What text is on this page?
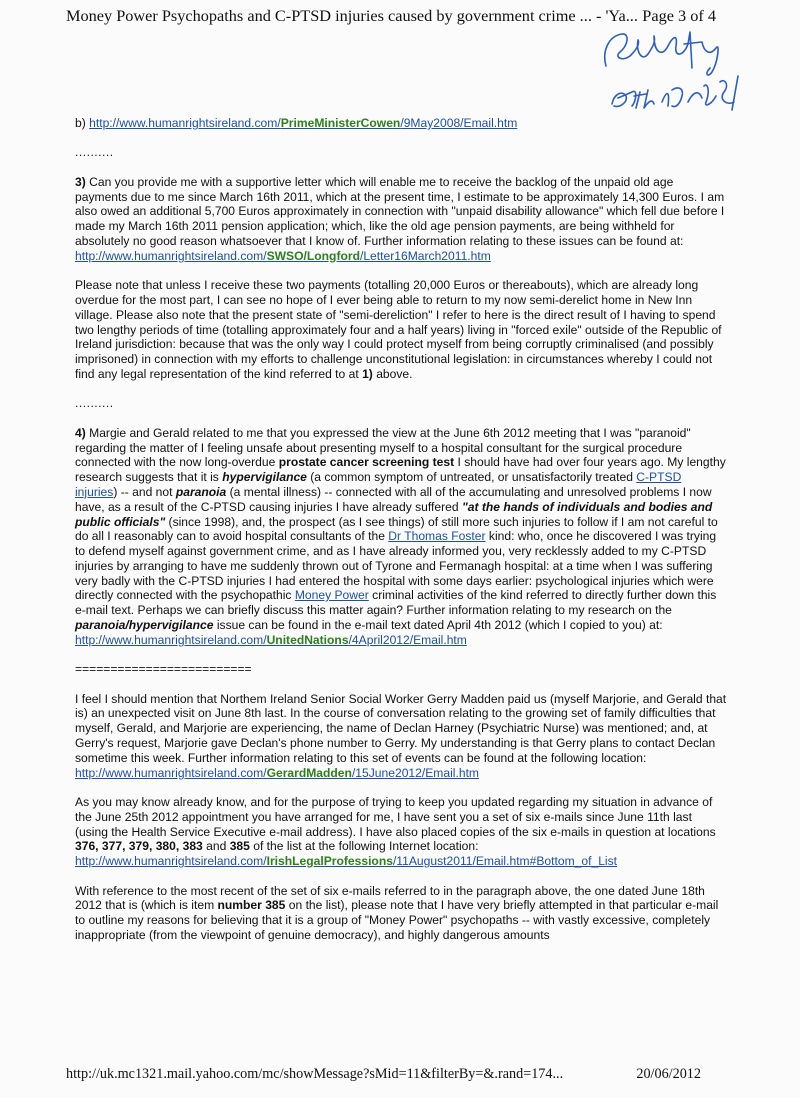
Money Power Psychopaths and C-PTSD injuries caused by government crime ... - 'Ya... Page 3 of 4

b) http://www.humanrightsireland.com/PrimeMinisterCowen/9May2008/Email.htm

..........

3) Can you provide me with a supportive letter which will enable me to receive the backlog of the unpaid old age payments due to me since March 16th 2011, which at the present time, I estimate to be approximately 14,300 Euros. I am also owed an additional 5,700 Euros approximately in connection with "unpaid disability allowance" which fell due before I made my March 16th 2011 pension application; which, like the old age pension payments, are being withheld for absolutely no good reason whatsoever that I know of. Further information relating to these issues can be found at:
http://www.humanrightsireland.com/SWSO/Longford/Letter16March2011.htm

Please note that unless I receive these two payments (totalling 20,000 Euros or thereabouts), which are already long overdue for the most part, I can see no hope of I ever being able to return to my now semi-derelict home in New Inn village. Please also note that the present state of "semi-dereliction" I refer to here is the direct result of I having to spend two lengthy periods of time (totalling approximately four and a half years) living in "forced exile" outside of the Republic of Ireland jurisdiction: because that was the only way I could protect myself from being corruptly criminalised (and possibly imprisoned) in connection with my efforts to challenge unconstitutional legislation: in circumstances whereby I could not find any legal representation of the kind referred to at 1) above.

..........

4) Margie and Gerald related to me that you expressed the view at the June 6th 2012 meeting that I was "paranoid" regarding the matter of I feeling unsafe about presenting myself to a hospital consultant for the surgical procedure connected with the now long-overdue prostate cancer screening test I should have had over four years ago. My lengthy research suggests that it is hypervigilance (a common symptom of untreated, or unsatisfactorily treated C-PTSD injuries) -- and not paranoia (a mental illness) -- connected with all of the accumulating and unresolved problems I now have, as a result of the C-PTSD causing injuries I have already suffered "at the hands of individuals and bodies and public officials" (since 1998), and, the prospect (as I see things) of still more such injuries to follow if I am not careful to do all I reasonably can to avoid hospital consultants of the Dr Thomas Foster kind: who, once he discovered I was trying to defend myself against government crime, and as I have already informed you, very recklessly added to my C-PTSD injuries by arranging to have me suddenly thrown out of Tyrone and Fermanagh hospital: at a time when I was suffering very badly with the C-PTSD injuries I had entered the hospital with some days earlier: psychological injuries which were directly connected with the psychopathic Money Power criminal activities of the kind referred to directly further down this e-mail text. Perhaps we can briefly discuss this matter again? Further information relating to my research on the paranoia/hypervigilance issue can be found in the e-mail text dated April 4th 2012 (which I copied to you) at:
http://www.humanrightsireland.com/UnitedNations/4April2012/Email.htm

=========================

I feel I should mention that Northem Ireland Senior Social Worker Gerry Madden paid us (myself Marjorie, and Gerald that is) an unexpected visit on June 8th last. In the course of conversation relating to the growing set of family difficulties that myself, Gerald, and Marjorie are experiencing, the name of Declan Harney (Psychiatric Nurse) was mentioned; and, at Gerry's request, Marjorie gave Declan's phone number to Gerry. My understanding is that Gerry plans to contact Declan sometime this week. Further information relating to this set of events can be found at the following location:
http://www.humanrightsireland.com/GerardMadden/15June2012/Email.htm

As you may know already know, and for the purpose of trying to keep you updated regarding my situation in advance of the June 25th 2012 appointment you have arranged for me, I have sent you a set of six e-mails since June 11th last (using the Health Service Executive e-mail address). I have also placed copies of the six e-mails in question at locations 376, 377, 379, 380, 383 and 385 of the list at the following Internet location:
http://www.humanrightsireland.com/IrishLegalProfessions/11August2011/Email.htm#Bottom_of_List

With reference to the most recent of the set of six e-mails referred to in the paragraph above, the one dated June 18th 2012 that is (which is item number 385 on the list), please note that I have very briefly attempted in that particular e-mail to outline my reasons for believing that it is a group of "Money Power" psychopaths -- with vastly excessive, completely inappropriate (from the viewpoint of genuine democracy), and highly dangerous amounts

http://uk.mc1321.mail.yahoo.com/mc/showMessage?sMid=11&filterBy=&.rand=174...	20/06/2012
